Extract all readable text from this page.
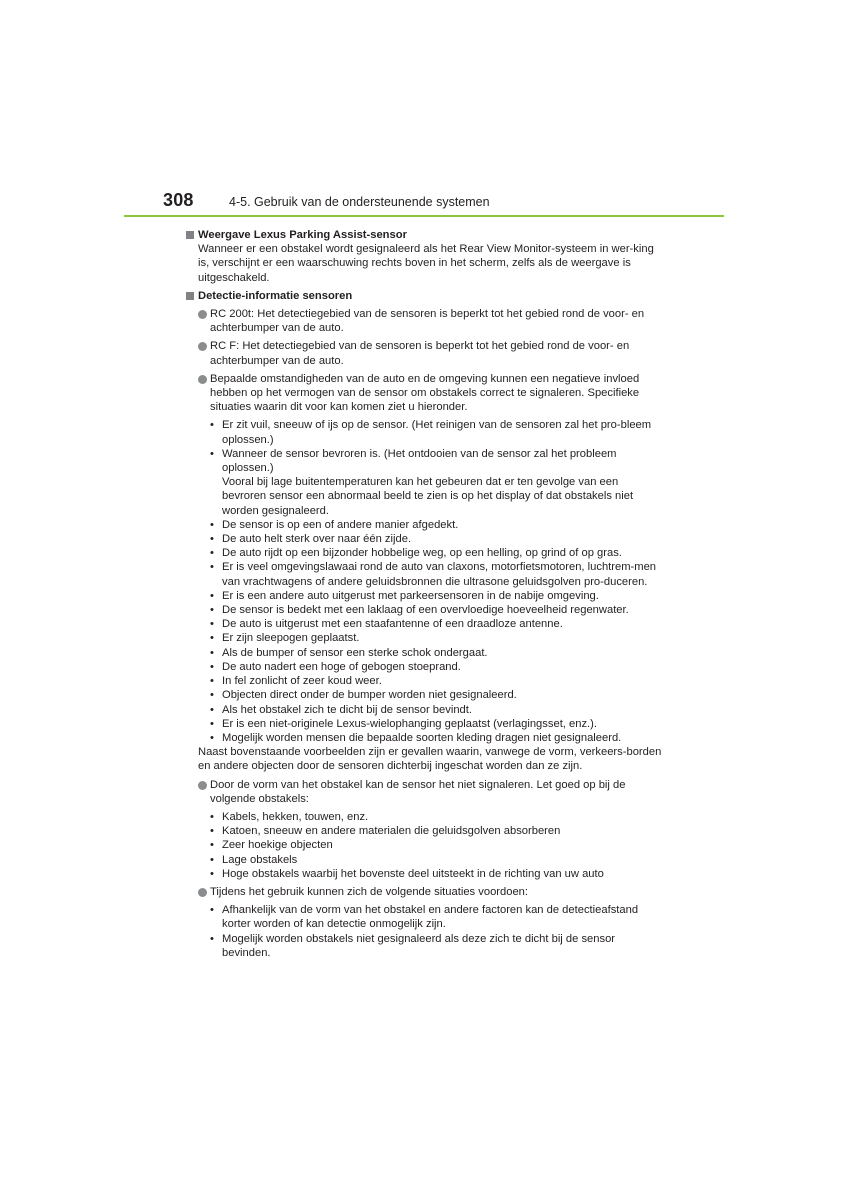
308	4-5. Gebruik van de ondersteunende systemen
Weergave Lexus Parking Assist-sensor
Wanneer er een obstakel wordt gesignaleerd als het Rear View Monitor-systeem in wer-king is, verschijnt er een waarschuwing rechts boven in het scherm, zelfs als de weergave is uitgeschakeld.
Detectie-informatie sensoren
RC 200t: Het detectiegebied van de sensoren is beperkt tot het gebied rond de voor- en achterbumper van de auto.
RC F: Het detectiegebied van de sensoren is beperkt tot het gebied rond de voor- en achterbumper van de auto.
Bepaalde omstandigheden van de auto en de omgeving kunnen een negatieve invloed hebben op het vermogen van de sensor om obstakels correct te signaleren. Specifieke situaties waarin dit voor kan komen ziet u hieronder.
• Er zit vuil, sneeuw of ijs op de sensor. (Het reinigen van de sensoren zal het pro-bleem oplossen.)
• Wanneer de sensor bevroren is. (Het ontdooien van de sensor zal het probleem oplossen.)
Vooral bij lage buitentemperaturen kan het gebeuren dat er ten gevolge van een bevroren sensor een abnormaal beeld te zien is op het display of dat obstakels niet worden gesignaleerd.
• De sensor is op een of andere manier afgedekt.
• De auto helt sterk over naar één zijde.
• De auto rijdt op een bijzonder hobbelige weg, op een helling, op grind of op gras.
• Er is veel omgevingslawaai rond de auto van claxons, motorfietsmotoren, luchtrem-men van vrachtwagens of andere geluidsbronnen die ultrasone geluidsgolven pro-duceren.
• Er is een andere auto uitgerust met parkeersensoren in de nabije omgeving.
• De sensor is bedekt met een laklaag of een overvloedige hoeveelheid regenwater.
• De auto is uitgerust met een staafantenne of een draadloze antenne.
• Er zijn sleepogen geplaatst.
• Als de bumper of sensor een sterke schok ondergaat.
• De auto nadert een hoge of gebogen stoeprand.
• In fel zonlicht of zeer koud weer.
• Objecten direct onder de bumper worden niet gesignaleerd.
• Als het obstakel zich te dicht bij de sensor bevindt.
• Er is een niet-originele Lexus-wielophanging geplaatst (verlagingsset, enz.).
• Mogelijk worden mensen die bepaalde soorten kleding dragen niet gesignaleerd.
Naast bovenstaande voorbeelden zijn er gevallen waarin, vanwege de vorm, verkeers-borden en andere objecten door de sensoren dichterbij ingeschat worden dan ze zijn.
Door de vorm van het obstakel kan de sensor het niet signaleren. Let goed op bij de volgende obstakels:
• Kabels, hekken, touwen, enz.
• Katoen, sneeuw en andere materialen die geluidsgolven absorberen
• Zeer hoekige objecten
• Lage obstakels
• Hoge obstakels waarbij het bovenste deel uitsteekt in de richting van uw auto
Tijdens het gebruik kunnen zich de volgende situaties voordoen:
• Afhankelijk van de vorm van het obstakel en andere factoren kan de detectieafstand korter worden of kan detectie onmogelijk zijn.
• Mogelijk worden obstakels niet gesignaleerd als deze zich te dicht bij de sensor bevinden.
